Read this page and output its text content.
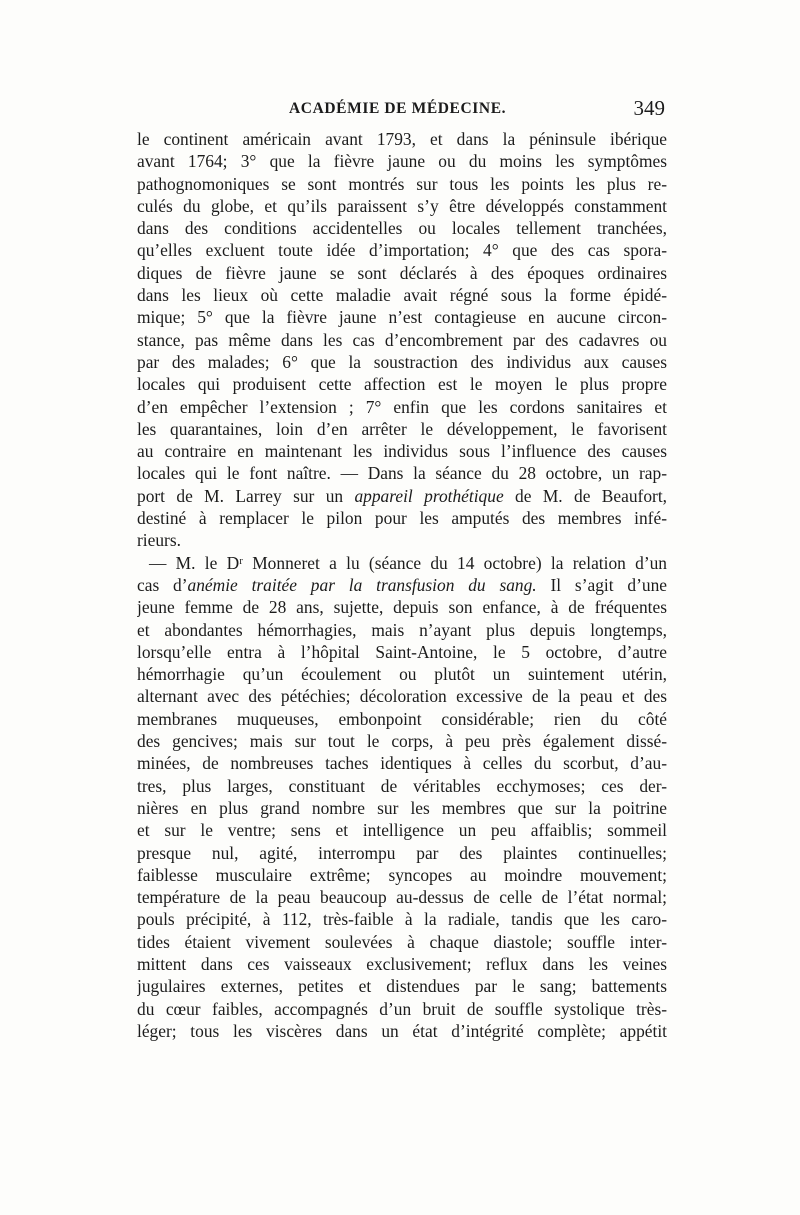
ACADÉMIE DE MÉDECINE.	349
le continent américain avant 1793, et dans la péninsule ibérique
avant 1764; 3° que la fièvre jaune ou du moins les symptômes
pathognomoniques se sont montrés sur tous les points les plus re-
culés du globe, et qu’ils paraissent s’y être développés constamment
dans des conditions accidentelles ou locales tellement tranchées,
qu’elles excluent toute idée d’importation; 4° que des cas spora-
diques de fièvre jaune se sont déclarés à des époques ordinaires
dans les lieux où cette maladie avait régné sous la forme épidé-
mique; 5° que la fièvre jaune n’est contagieuse en aucune circon-
stance, pas même dans les cas d’encombrement par des cadavres ou
par des malades; 6° que la soustraction des individus aux causes
locales qui produisent cette affection est le moyen le plus propre
d’en empêcher l’extension ; 7° enfin que les cordons sanitaires et
les quarantaines, loin d’en arrêter le développement, le favorisent
au contraire en maintenant les individus sous l’influence des causes
locales qui le font naître. — Dans la séance du 28 octobre, un rap-
port de M. Larrey sur un appareil prothétique de M. de Beaufort,
destiné à remplacer le pilon pour les amputés des membres infé-
rieurs.
— M. le Dʳ Monneret a lu (séance du 14 octobre) la relation d’un
cas d’anémie traitée par la transfusion du sang. Il s’agit d’une
jeune femme de 28 ans, sujette, depuis son enfance, à de fréquentes
et abondantes hémorrhagies, mais n’ayant plus depuis longtemps,
lorsqu’elle entra à l’hôpital Saint-Antoine, le 5 octobre, d’autre
hémorrhagie qu’un écoulement ou plutôt un suintement utérin,
alternant avec des pétéchies; décoloration excessive de la peau et des
membranes muqueuses, embonpoint considérable; rien du côté
des gencives; mais sur tout le corps, à peu près également dissé-
minées, de nombreuses taches identiques à celles du scorbut, d’au-
tres, plus larges, constituant de véritables ecchymoses; ces der-
nières en plus grand nombre sur les membres que sur la poitrine
et sur le ventre; sens et intelligence un peu affaiblis; sommeil
presque nul, agité, interrompu par des plaintes continuelles;
faiblesse musculaire extrême; syncopes au moindre mouvement;
température de la peau beaucoup au-dessus de celle de l’état normal;
pouls précipité, à 112, très-faible à la radiale, tandis que les caro-
tides étaient vivement soulevées à chaque diastole; souffle inter-
mittent dans ces vaisseaux exclusivement; reflux dans les veines
jugulaires externes, petites et distendues par le sang; battements
du cœur faibles, accompagnés d’un bruit de souffle systolique très-
léger; tous les viscères dans un état d’intégrité complète; appétit
